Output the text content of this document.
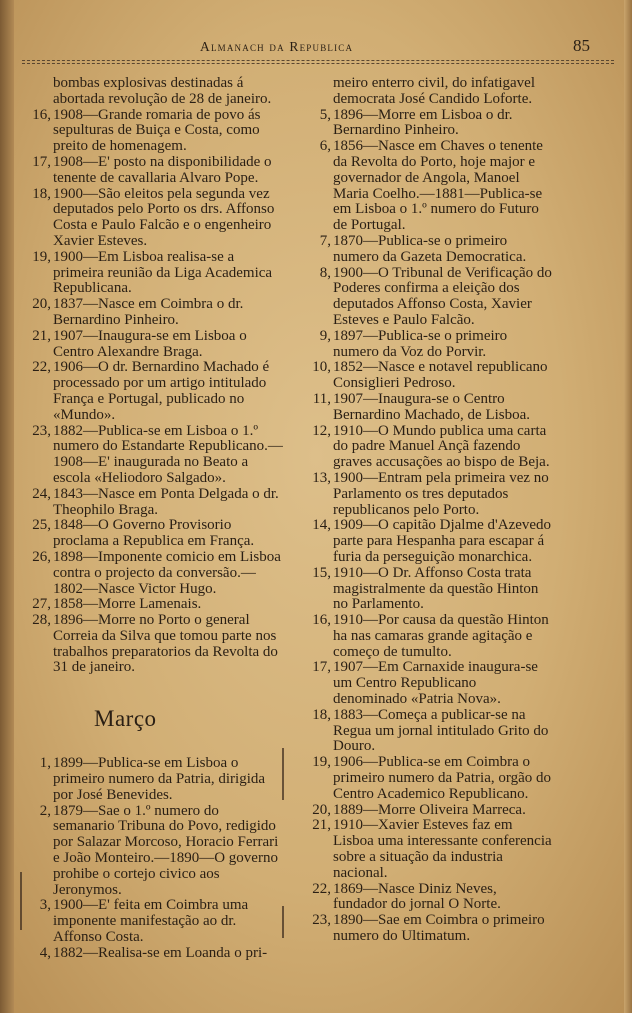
Almanach da Republica	85
bombas explosivas destinadas á abortada revolução de 28 de janeiro.
16, 1908—Grande romaria de povo ás sepulturas de Buiça e Costa, como preito de homenagem.
17, 1908—E' posto na disponibilidade o tenente de cavallaria Alvaro Pope.
18, 1900—São eleitos pela segunda vez deputados pelo Porto os drs. Affonso Costa e Paulo Falcão e o engenheiro Xavier Esteves.
19, 1900—Em Lisboa realisa-se a primeira reunião da Liga Academica Republicana.
20, 1837—Nasce em Coimbra o dr. Bernardino Pinheiro.
21, 1907—Inaugura-se em Lisboa o Centro Alexandre Braga.
22, 1906—O dr. Bernardino Machado é processado por um artigo intitulado França e Portugal, publicado no «Mundo».
23, 1882—Publica-se em Lisboa o 1.º numero do Estandarte Republicano.—1908—E' inaugurada no Beato a escola «Heliodoro Salgado».
24, 1843—Nasce em Ponta Delgada o dr. Theophilo Braga.
25, 1848—O Governo Provisorio proclama a Republica em França.
26, 1898—Imponente comicio em Lisboa contra o projecto da conversão.—1802—Nasce Victor Hugo.
27, 1858—Morre Lamenais.
28, 1896—Morre no Porto o general Correia da Silva que tomou parte nos trabalhos preparatorios da Revolta do 31 de janeiro.
Março
1, 1899—Publica-se em Lisboa o primeiro numero da Patria, dirigida por José Benevides.
2, 1879—Sae o 1.º numero do semanario Tribuna do Povo, redigido por Salazar Morcoso, Horacio Ferrari e João Monteiro.—1890—O governo prohibe o cortejo civico aos Jeronymos.
3, 1900—E' feita em Coimbra uma imponente manifestação ao dr. Affonso Costa.
4, 1882—Realisa-se em Loanda o pri-
meiro enterro civil, do infatigavel democrata José Candido Loforte.
5, 1896—Morre em Lisboa o dr. Bernardino Pinheiro.
6, 1856—Nasce em Chaves o tenente da Revolta do Porto, hoje major e governador de Angola, Manoel Maria Coelho.—1881—Publica-se em Lisboa o 1.º numero do Futuro de Portugal.
7, 1870—Publica-se o primeiro numero da Gazeta Democratica.
8, 1900—O Tribunal de Verificação do Poderes confirma a eleição dos deputados Affonso Costa, Xavier Esteves e Paulo Falcão.
9, 1897—Publica-se o primeiro numero da Voz do Porvir.
10, 1852—Nasce e notavel republicano Consiglieri Pedroso.
11, 1907—Inaugura-se o Centro Bernardino Machado, de Lisboa.
12, 1910—O Mundo publica uma carta do padre Manuel Ançã fazendo graves accusações ao bispo de Beja.
13, 1900—Entram pela primeira vez no Parlamento os tres deputados republicanos pelo Porto.
14, 1909—O capitão Djalme d'Azevedo parte para Hespanha para escapar á furia da perseguição monarchica.
15, 1910—O Dr. Affonso Costa trata magistralmente da questão Hinton no Parlamento.
16, 1910—Por causa da questão Hinton ha nas camaras grande agitação e começo de tumulto.
17, 1907—Em Carnaxide inaugura-se um Centro Republicano denominado «Patria Nova».
18, 1883—Começa a publicar-se na Regua um jornal intitulado Grito do Douro.
19, 1906—Publica-se em Coimbra o primeiro numero da Patria, orgão do Centro Academico Republicano.
20, 1889—Morre Oliveira Marreca.
21, 1910—Xavier Esteves faz em Lisboa uma interessante conferencia sobre a situação da industria nacional.
22, 1869—Nasce Diniz Neves, fundador do jornal O Norte.
23, 1890—Sae em Coimbra o primeiro numero do Ultimatum.
